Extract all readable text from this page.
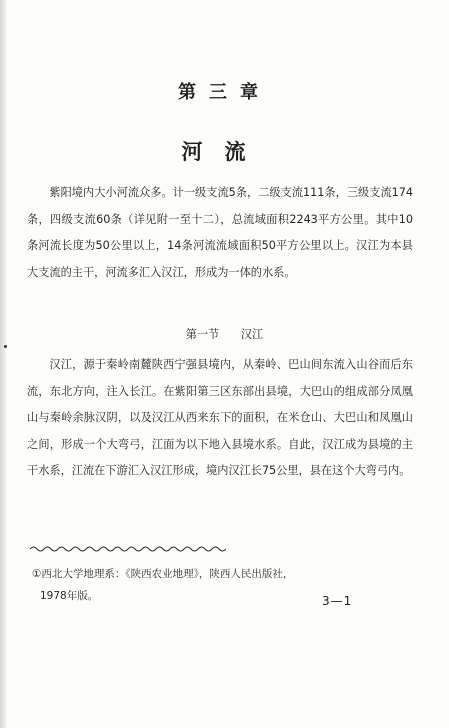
第三章
河流

紫阳境内大小河流众多。计一级支流5条，二级支流111条，三级支流174条，四级支流60条（详见附一至十二），总流域面积2243平方公里。其中10条河流长度为50公里以上，14条河流流域面积50平方公里以上。汉江为本县大支流的主干，河流多汇入汉江，形成为一体的水系。

第一节 汉江

汉江，源于秦岭南麓陕西宁强县境内，从秦岭、巴山间东流入山谷而后东流，东北方向，注入长江。在紫阳第三区东部出县境，大巴山的组成部分凤凰山与秦岭余脉汉阴，以及汉江从西来东下的面积，在米仓山、大巴山和凤凰山之间，形成一个大弯弓，江面为以下地入县境水系。自此，汉江成为县境的主干水系，江流在下游汇入汉江形成，境内汉江长75公里，县在这个大弯弓内。

①西北大学地理系：《陕西农业地理》，陕西人民出版社，
1978年版。	3—1
